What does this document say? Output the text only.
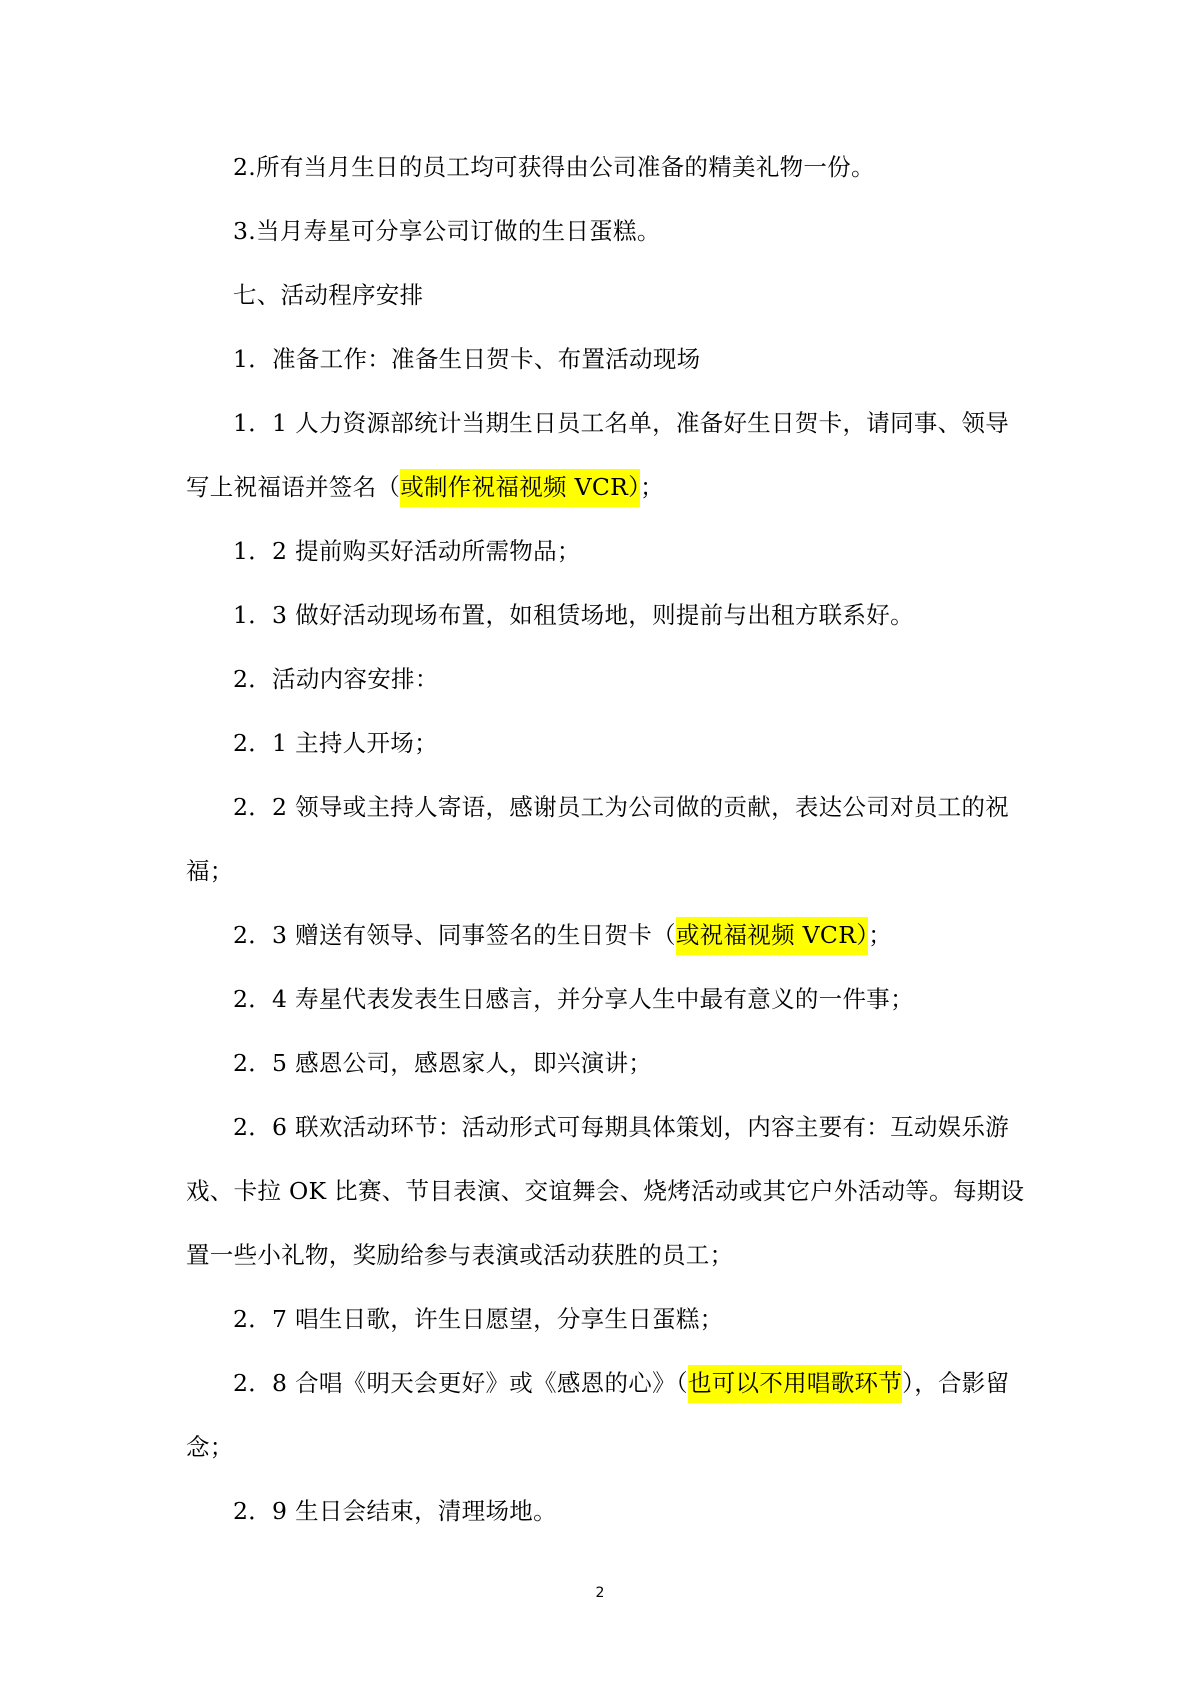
2.所有当月生日的员工均可获得由公司准备的精美礼物一份。

3.当月寿星可分享公司订做的生日蛋糕。

七、活动程序安排

1．准备工作：准备生日贺卡、布置活动现场

1．1 人力资源部统计当期生日员工名单，准备好生日贺卡，请同事、领导写上祝福语并签名（或制作祝福视频 VCR）；

1．2 提前购买好活动所需物品；

1．3 做好活动现场布置，如租赁场地，则提前与出租方联系好。

2．活动内容安排：

2．1 主持人开场；

2．2 领导或主持人寄语，感谢员工为公司做的贡献，表达公司对员工的祝福；

2．3 赠送有领导、同事签名的生日贺卡（或祝福视频 VCR）；

2．4 寿星代表发表生日感言，并分享人生中最有意义的一件事；

2．5 感恩公司，感恩家人，即兴演讲；

2．6 联欢活动环节：活动形式可每期具体策划，内容主要有：互动娱乐游戏、卡拉 OK 比赛、节目表演、交谊舞会、烧烤活动或其它户外活动等。每期设置一些小礼物，奖励给参与表演或活动获胜的员工；

2．7 唱生日歌，许生日愿望，分享生日蛋糕；

2．8 合唱《明天会更好》或《感恩的心》（也可以不用唱歌环节），合影留念；

2．9 生日会结束，清理场地。

2
